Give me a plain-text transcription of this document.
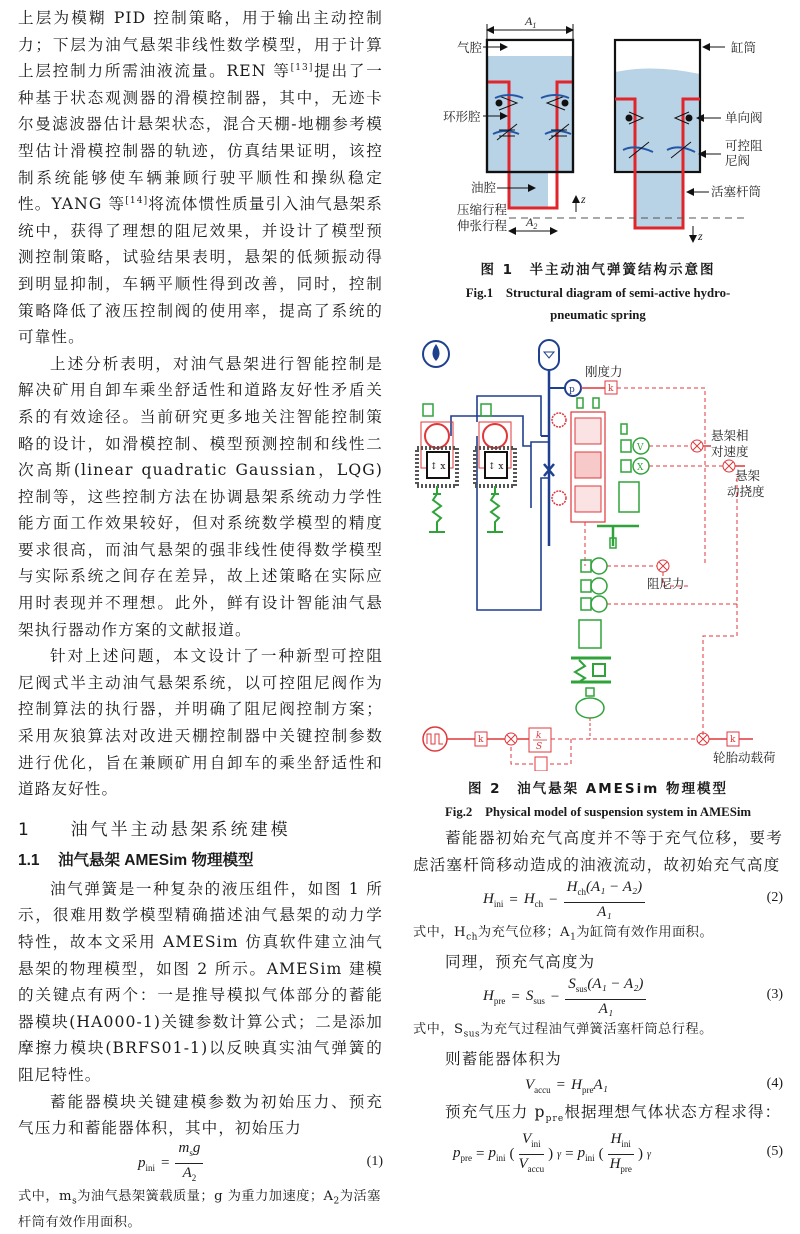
上层为模糊 PID 控制策略，用于输出主动控制力；下层为油气悬架非线性数学模型，用于计算上层控制力所需油液流量。REN 等[13]提出了一种基于状态观测器的滑模控制器，其中，无迹卡尔曼滤波器估计悬架状态，混合天棚-地棚参考模型估计滑模控制器的轨迹，仿真结果证明，该控制系统能够使车辆兼顾行驶平顺性和操纵稳定性。YANG 等[14]将流体惯性质量引入油气悬架系统中，获得了理想的阻尼效果，并设计了模型预测控制策略，试验结果表明，悬架的低频振动得到明显抑制，车辆平顺性得到改善，同时，控制策略降低了液压控制阀的使用率，提高了系统的可靠性。

上述分析表明，对油气悬架进行智能控制是解决矿用自卸车乘坐舒适性和道路友好性矛盾关系的有效途径。当前研究更多地关注智能控制策略的设计，如滑模控制、模型预测控制和线性二次高斯(linear quadratic Gaussian，LQG)控制等，这些控制方法在协调悬架系统动力学性能方面工作效果较好，但对系统数学模型的精度要求很高，而油气悬架的强非线性使得数学模型与实际系统之间存在差异，故上述策略在实际应用时表现并不理想。此外，鲜有设计智能油气悬架执行器动作方案的文献报道。

针对上述问题，本文设计了一种新型可控阻尼阀式半主动油气悬架系统，以可控阻尼阀作为控制算法的执行器，并明确了阻尼阀控制方案；采用灰狼算法对改进天棚控制器中关键控制参数进行优化，旨在兼顾矿用自卸车的乘坐舒适性和道路友好性。

1 油气半主动悬架系统建模
1.1 油气悬架 AMESim 物理模型

油气弹簧是一种复杂的液压组件，如图 1 所示，很难用数学模型精确描述油气悬架的动力学特性，故本文采用 AMESim 仿真软件建立油气悬架的物理模型，如图 2 所示。AMESim 建模的关键点有两个：一是推导模拟气体部分的蓄能器模块(HA000-1)关键参数计算公式；二是添加摩擦力模块(BRFS01-1)以反映真实油气弹簧的阻尼特性。

蓄能器模块关键建模参数为初始压力、预充气压力和蓄能器体积，其中，初始压力

$p_{ini} = \frac{m_sg}{A_2}$	(1)

式中，$m_s$为油气悬架簧载质量；g 为重力加速度；$A_2$为活塞杆筒有效作用面积。

$A_1$
$A_2$
z
z
气腔
环形腔
油腔
压缩行程
伸张行程
缸筒
单向阀
可控阻
尼阀
活塞杆筒

图 1　半主动油气弹簧结构示意图

Fig.1　Structural diagram of semi-active hydro-

pneumatic spring

p	k
刚度力
↕ x	↕ x
V
X
悬架相
对速度
悬架
动挠度
阻尼力
k	k
S
k
轮胎动载荷

图 2　油气悬架 AMESim 物理模型

Fig.2　Physical model of suspension system in AMESim

蓄能器初始充气高度并不等于充气位移，要考虑活塞杆筒移动造成的油液流动，故初始充气高度

$H_{ini} = H_{ch} - \frac{H_{ch}(A_1 - A_2)}{\text{A₁}}$	(2)

式中，$H_{ch}$为充气位移；$A_1$为缸筒有效作用面积。

同理，预充气高度为

$H_{pre} = S_{sus} - \frac{S_{sus}(A_1 - A_2)}{\text{A₁}}$	(3)

式中，$S_{sus}$为充气过程油气弹簧活塞杆筒总行程。

则蓄能器体积为

$V_{accu} = H_{pre}A_1$	(4)

预充气压力 $p_{pre}$根据理想气体状态方程求得：

$p_{pre} = p_{ini}$ ( $\frac{V_{ini}}{V_{accu}}$ ) $\gamma = p_{ini}$ ( $\frac{H_{ini}}{H_{pre}}$ ) γ	(5)
